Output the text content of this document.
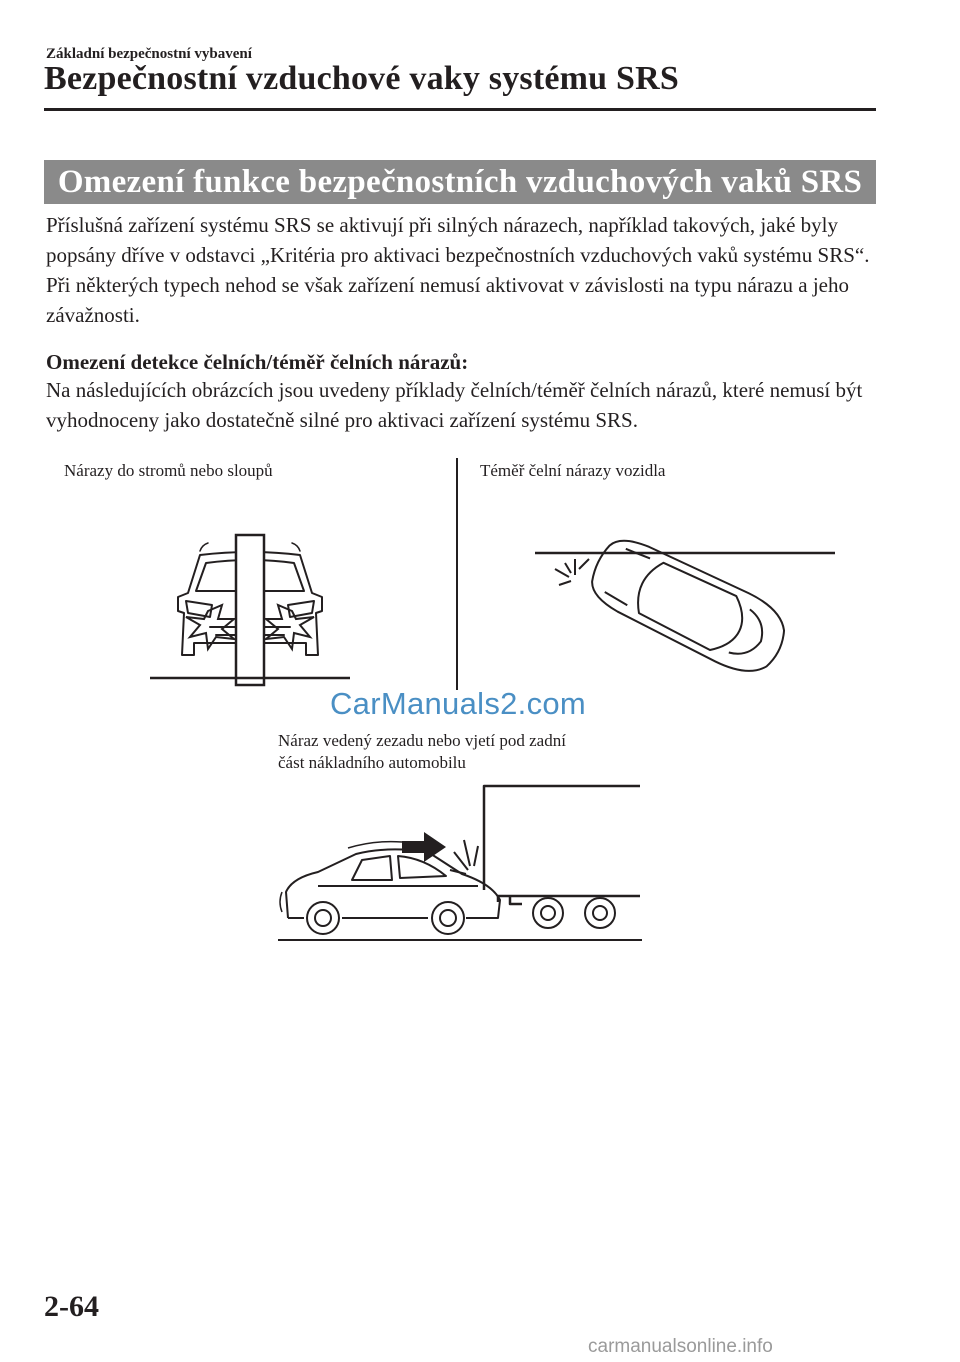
Základní bezpečnostní vybavení
Bezpečnostní vzduchové vaky systému SRS
Omezení funkce bezpečnostních vzduchových vaků SRS
Příslušná zařízení systému SRS se aktivují při silných nárazech, například takových, jaké byly popsány dříve v odstavci „Kritéria pro aktivaci bezpečnostních vzduchových vaků systému SRS“. Při některých typech nehod se však zařízení nemusí aktivovat v závislosti na typu nárazu a jeho závažnosti.
Omezení detekce čelních/téměř čelních nárazů:
Na následujících obrázcích jsou uvedeny příklady čelních/téměř čelních nárazů, které nemusí být vyhodnoceny jako dostatečně silné pro aktivaci zařízení systému SRS.
Nárazy do stromů nebo sloupů	Téměř čelní nárazy vozidla
CarManuals2.com
Náraz vedený zezadu nebo vjetí pod zadní
část nákladního automobilu
2-64
carmanualsonline.info
